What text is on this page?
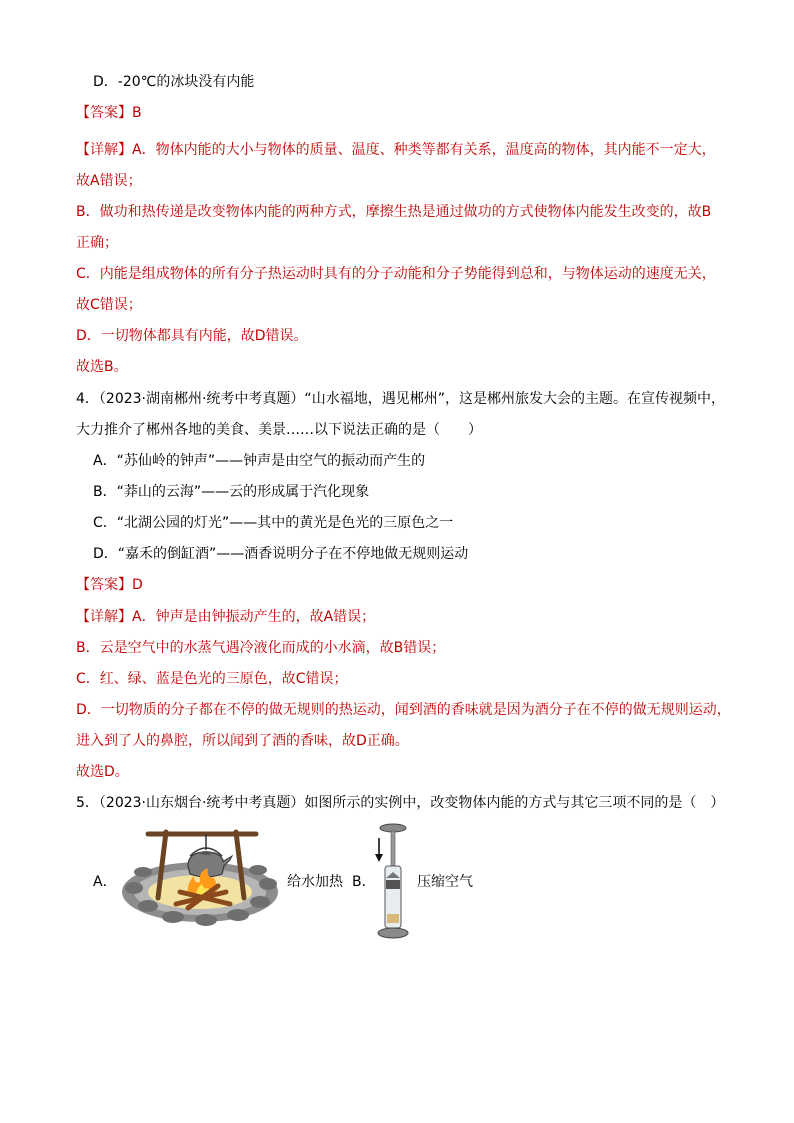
D．-20℃的冰块没有内能
【答案】B
【详解】A．物体内能的大小与物体的质量、温度、种类等都有关系，温度高的物体，其内能不一定大，
故A错误；
B．做功和热传递是改变物体内能的两种方式，摩擦生热是通过做功的方式使物体内能发生改变的，故B
正确；
C．内能是组成物体的所有分子热运动时具有的分子动能和分子势能得到总和，与物体运动的速度无关，
故C错误；
D．一切物体都具有内能，故D错误。
故选B。
4．（2023·湖南郴州·统考中考真题）“山水福地，遇见郴州”，这是郴州旅发大会的主题。在宣传视频中，
大力推介了郴州各地的美食、美景……以下说法正确的是（　　）
A．“苏仙岭的钟声”——钟声是由空气的振动而产生的
B．“莽山的云海”——云的形成属于汽化现象
C．“北湖公园的灯光”——其中的黄光是色光的三原色之一
D．“嘉禾的倒缸酒”——酒香说明分子在不停地做无规则运动
【答案】D
【详解】A．钟声是由钟振动产生的，故A错误；
B．云是空气中的水蒸气遇冷液化而成的小水滴，故B错误；
C．红、绿、蓝是色光的三原色，故C错误；
D．一切物质的分子都在不停的做无规则的热运动，闻到酒的香味就是因为酒分子在不停的做无规则运动，
进入到了人的鼻腔，所以闻到了酒的香味，故D正确。
故选D。
5．（2023·山东烟台·统考中考真题）如图所示的实例中，改变物体内能的方式与其它三项不同的是（　）
A．	给水加热 B．	压缩空气
